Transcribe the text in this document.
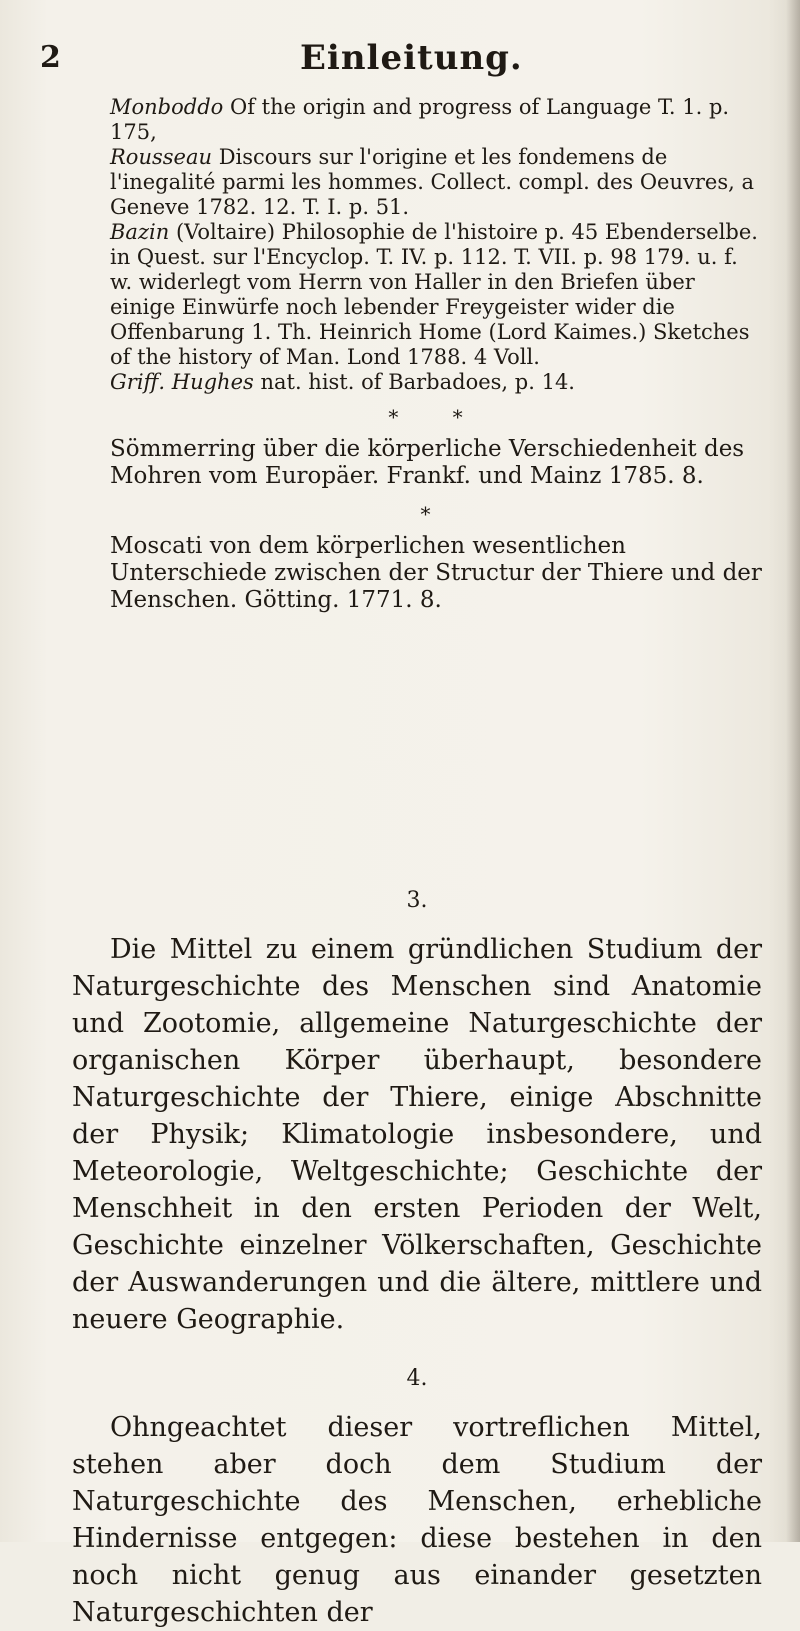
2	Einleitung.

Monboddo Of the origin and progress of Language T. 1. p. 175,

Rousseau Discours sur l'origine et les fondemens de l'inegalité parmi les hommes. Collect. compl. des Oeuvres, a Geneve 1782. 12. T. I. p. 51.

Bazin (Voltaire) Philosophie de l'histoire p. 45 Ebenderselbe. in Quest. sur l'Encyclop. T. IV. p. 112. T. VII. p. 98 179. u. f. w. widerlegt vom Herrn von Haller in den Briefen über einige Einwürfe noch lebender Freygeister wider die Offenbarung 1. Th. Heinrich Home (Lord Kaimes.) Sketches of the history of Man. Lond 1788. 4 Voll.

Griff. Hughes nat. hist. of Barbadoes, p. 14.

* *

Sömmerring über die körperliche Verschiedenheit des Mohren vom Europäer. Frankf. und Mainz 1785. 8.

*

Moscati von dem körperlichen wesentlichen Unterschiede zwischen der Structur der Thiere und der Menschen. Götting. 1771. 8.

3.

Die Mittel zu einem gründlichen Studium der Naturgeschichte des Menschen sind Anatomie und Zootomie, allgemeine Naturgeschichte der organischen Körper überhaupt, besondere Naturgeschichte der Thiere, einige Abschnitte der Physik; Klimatologie insbesondere, und Meteorologie, Weltgeschichte; Geschichte der Menschheit in den ersten Perioden der Welt, Geschichte einzelner Völkerschaften, Geschichte der Auswanderungen und die ältere, mittlere und neuere Geographie.

4.

Ohngeachtet dieser vortreflichen Mittel, stehen aber doch dem Studium der Naturgeschichte des Menschen, erhebliche Hindernisse entgegen: diese bestehen in den noch nicht genug aus einander gesetzten Naturgeschichten der
